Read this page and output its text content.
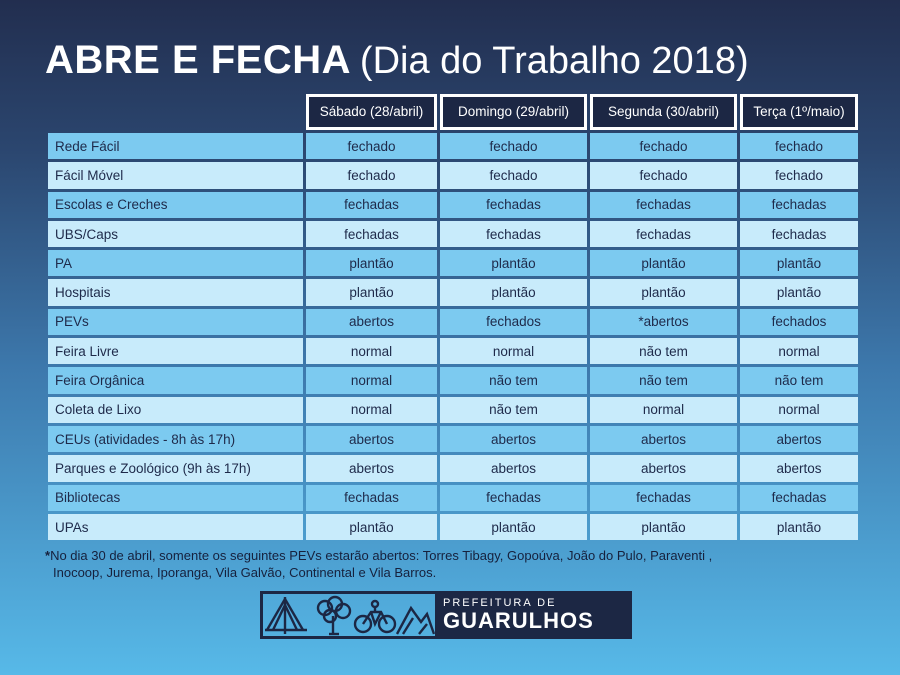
ABRE E FECHA (Dia do Trabalho 2018)

	Sábado (28/abril)	Domingo (29/abril)	Segunda (30/abril)	Terça (1º/maio)

Rede Fácil	fechado	fechado	fechado	fechado
Fácil Móvel	fechado	fechado	fechado	fechado
Escolas e Creches	fechadas	fechadas	fechadas	fechadas
UBS/Caps	fechadas	fechadas	fechadas	fechadas
PA	plantão	plantão	plantão	plantão
Hospitais	plantão	plantão	plantão	plantão
PEVs	abertos	fechados	*abertos	fechados
Feira Livre	normal	normal	não tem	normal
Feira Orgânica	normal	não tem	não tem	não tem
Coleta de Lixo	normal	não tem	normal	normal
CEUs (atividades - 8h às 17h)	abertos	abertos	abertos	abertos
Parques e Zoológico (9h às 17h)	abertos	abertos	abertos	abertos
Bibliotecas	fechadas	fechadas	fechadas	fechadas
UPAs	plantão	plantão	plantão	plantão
*No dia 30 de abril, somente os seguintes PEVs estarão abertos: Torres Tibagy, Gopoúva, João do Pulo, Paraventi ,
Inocoop, Jurema, Iporanga, Vila Galvão, Continental e Vila Barros.
PREFEITURA DE
GUARULHOS
